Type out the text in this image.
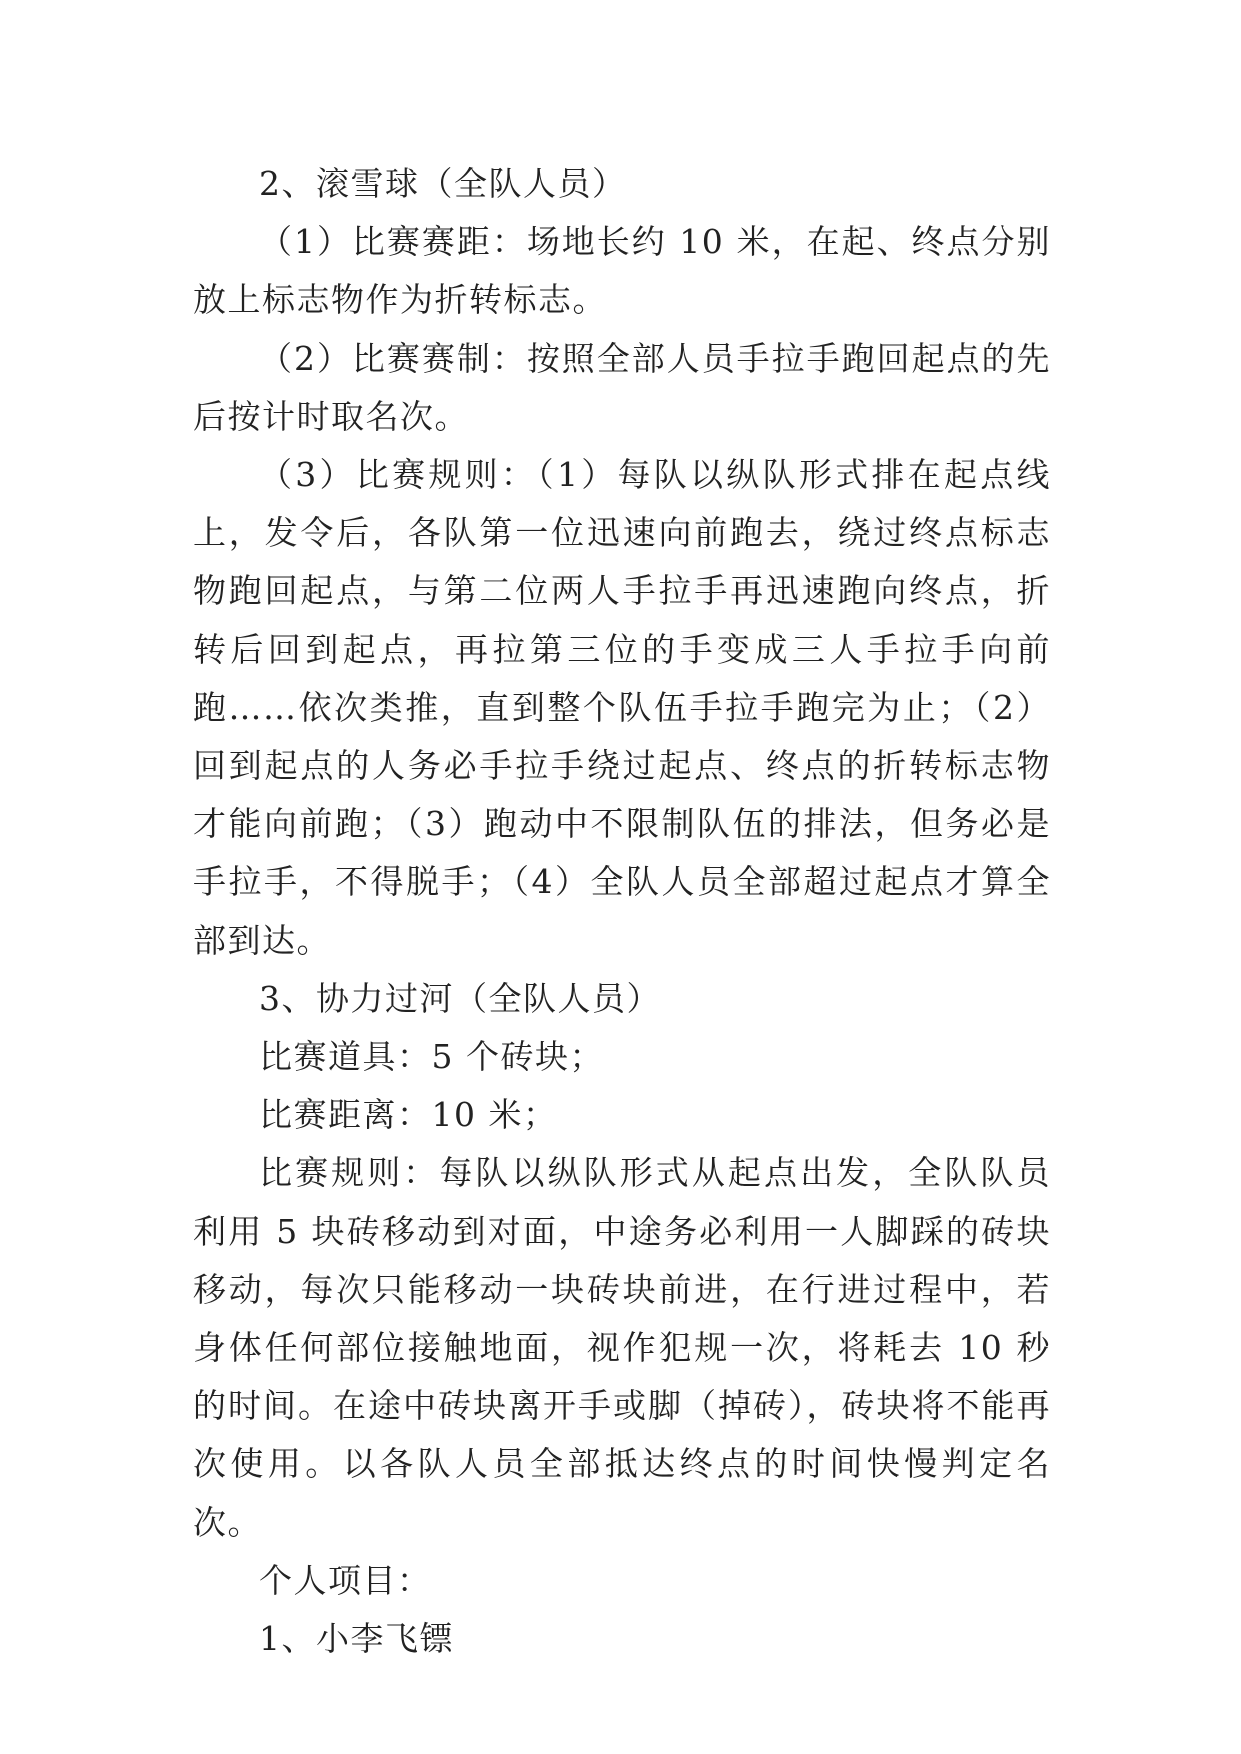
2、滚雪球（全队人员）

（1）比赛赛距：场地长约 10 米，在起、终点分别放上标志物作为折转标志。

（2）比赛赛制：按照全部人员手拉手跑回起点的先后按计时取名次。

（3）比赛规则：（1）每队以纵队形式排在起点线上，发令后，各队第一位迅速向前跑去，绕过终点标志物跑回起点，与第二位两人手拉手再迅速跑向终点，折转后回到起点，再拉第三位的手变成三人手拉手向前跑……依次类推，直到整个队伍手拉手跑完为止；（2）回到起点的人务必手拉手绕过起点、终点的折转标志物才能向前跑；（3）跑动中不限制队伍的排法，但务必是手拉手，不得脱手；（4）全队人员全部超过起点才算全部到达。

3、协力过河（全队人员）

比赛道具：5 个砖块；

比赛距离：10 米；

比赛规则：每队以纵队形式从起点出发，全队队员利用 5 块砖移动到对面，中途务必利用一人脚踩的砖块移动，每次只能移动一块砖块前进，在行进过程中，若身体任何部位接触地面，视作犯规一次，将耗去 10 秒的时间。在途中砖块离开手或脚（掉砖），砖块将不能再次使用。以各队人员全部抵达终点的时间快慢判定名次。

个人项目：

1、小李飞镖
